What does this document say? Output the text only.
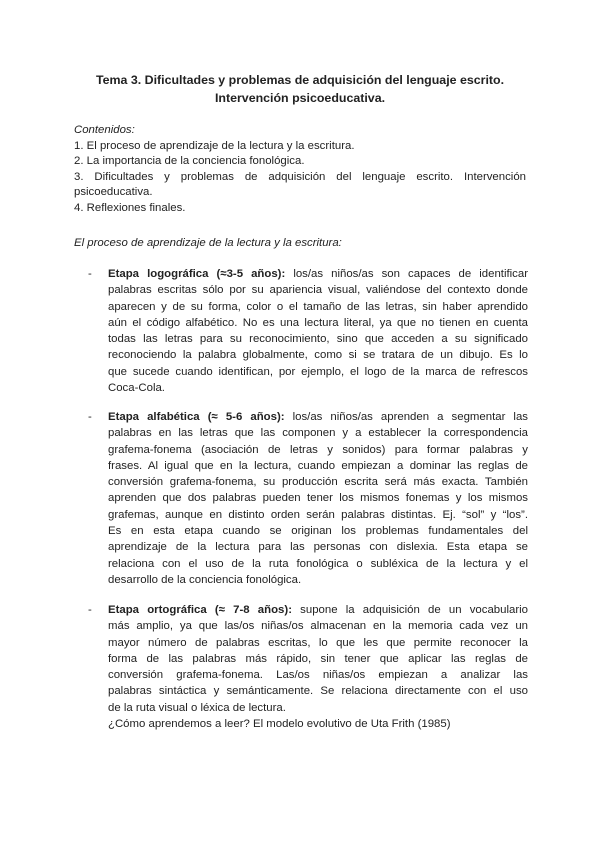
Tema 3. Dificultades y problemas de adquisición del lenguaje escrito.
Intervención psicoeducativa.
Contenidos:
1. El proceso de aprendizaje de la lectura y la escritura.
2. La importancia de la conciencia fonológica.
3. Dificultades y problemas de adquisición del lenguaje escrito. Intervención
psicoeducativa.
4. Reflexiones finales.
El proceso de aprendizaje de la lectura y la escritura:
- Etapa logográfica (≈3-5 años): los/as niños/as son capaces de identificar
palabras escritas sólo por su apariencia visual, valiéndose del contexto donde
aparecen y de su forma, color o el tamaño de las letras, sin haber aprendido
aún el código alfabético. No es una lectura literal, ya que no tienen en cuenta
todas las letras para su reconocimiento, sino que acceden a su significado
reconociendo la palabra globalmente, como si se tratara de un dibujo. Es lo
que sucede cuando identifican, por ejemplo, el logo de la marca de refrescos
Coca-Cola.
- Etapa alfabética (≈ 5-6 años): los/as niños/as aprenden a segmentar las
palabras en las letras que las componen y a establecer la correspondencia
grafema-fonema (asociación de letras y sonidos) para formar palabras y
frases. Al igual que en la lectura, cuando empiezan a dominar las reglas de
conversión grafema-fonema, su producción escrita será más exacta. También
aprenden que dos palabras pueden tener los mismos fonemas y los mismos
grafemas, aunque en distinto orden serán palabras distintas. Ej. “sol” y “los”.
Es en esta etapa cuando se originan los problemas fundamentales del
aprendizaje de la lectura para las personas con dislexia. Esta etapa se
relaciona con el uso de la ruta fonológica o subléxica de la lectura y el
desarrollo de la conciencia fonológica.
- Etapa ortográfica (≈ 7-8 años): supone la adquisición de un vocabulario
más amplio, ya que las/os niñas/os almacenan en la memoria cada vez un
mayor número de palabras escritas, lo que les que permite reconocer la
forma de las palabras más rápido, sin tener que aplicar las reglas de
conversión grafema-fonema. Las/os niñas/os empiezan a analizar las
palabras sintáctica y semánticamente. Se relaciona directamente con el uso
de la ruta visual o léxica de lectura.
¿Cómo aprendemos a leer? El modelo evolutivo de Uta Frith (1985)
